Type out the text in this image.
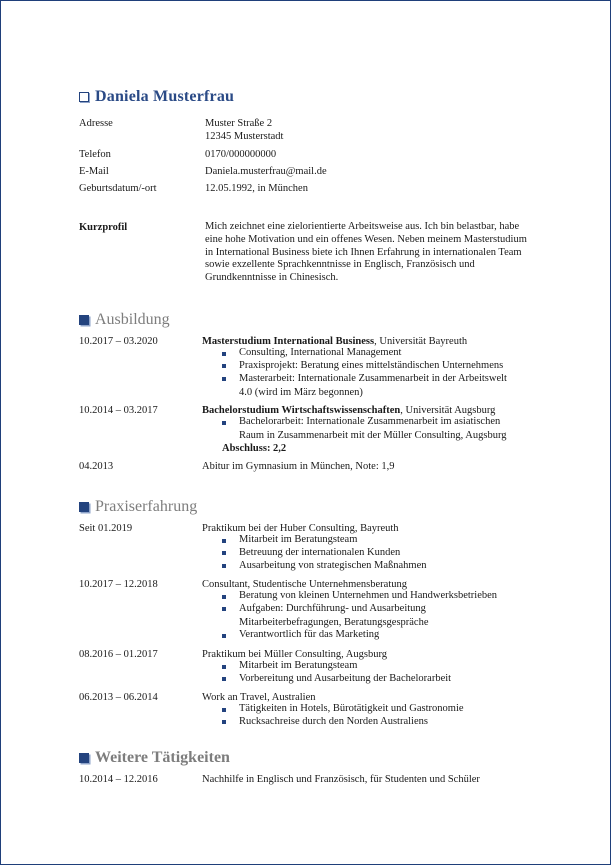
Daniela Musterfrau
Adresse	Muster Straße 2
12345 Musterstadt
Telefon	0170/000000000
E-Mail	Daniela.musterfrau@mail.de
Geburtsdatum/-ort	12.05.1992, in München
Kurzprofil	Mich zeichnet eine zielorientierte Arbeitsweise aus. Ich bin belastbar, habe eine hohe Motivation und ein offenes Wesen. Neben meinem Masterstudium in International Business biete ich Ihnen Erfahrung in internationalen Team sowie exzellente Sprachkenntnisse in Englisch, Französisch und Grundkenntnisse in Chinesisch.
Ausbildung
10.2017 – 03.2020	Masterstudium International Business, Universität Bayreuth
Consulting, International Management
Praxisprojekt: Beratung eines mittelständischen Unternehmens
Masterarbeit: Internationale Zusammenarbeit in der Arbeitswelt
4.0 (wird im März begonnen)
10.2014 – 03.2017	Bachelorstudium Wirtschaftswissenschaften, Universität Augsburg
Bachelorarbeit: Internationale Zusammenarbeit im asiatischen
Raum in Zusammenarbeit mit der Müller Consulting, Augsburg
Abschluss: 2,2
04.2013	Abitur im Gymnasium in München, Note: 1,9
Praxiserfahrung
Seit 01.2019	Praktikum bei der Huber Consulting, Bayreuth
Mitarbeit im Beratungsteam
Betreuung der internationalen Kunden
Ausarbeitung von strategischen Maßnahmen
10.2017 – 12.2018	Consultant, Studentische Unternehmensberatung
Beratung von kleinen Unternehmen und Handwerksbetrieben
Aufgaben: Durchführung- und Ausarbeitung
Mitarbeiterbefragungen, Beratungsgespräche
Verantwortlich für das Marketing
08.2016 – 01.2017	Praktikum bei Müller Consulting, Augsburg
Mitarbeit im Beratungsteam
Vorbereitung und Ausarbeitung der Bachelorarbeit
06.2013 – 06.2014	Work an Travel, Australien
Tätigkeiten in Hotels, Bürotätigkeit und Gastronomie
Rucksachreise durch den Norden Australiens
Weitere Tätigkeiten
10.2014 – 12.2016	Nachhilfe in Englisch und Französisch, für Studenten und Schüler
